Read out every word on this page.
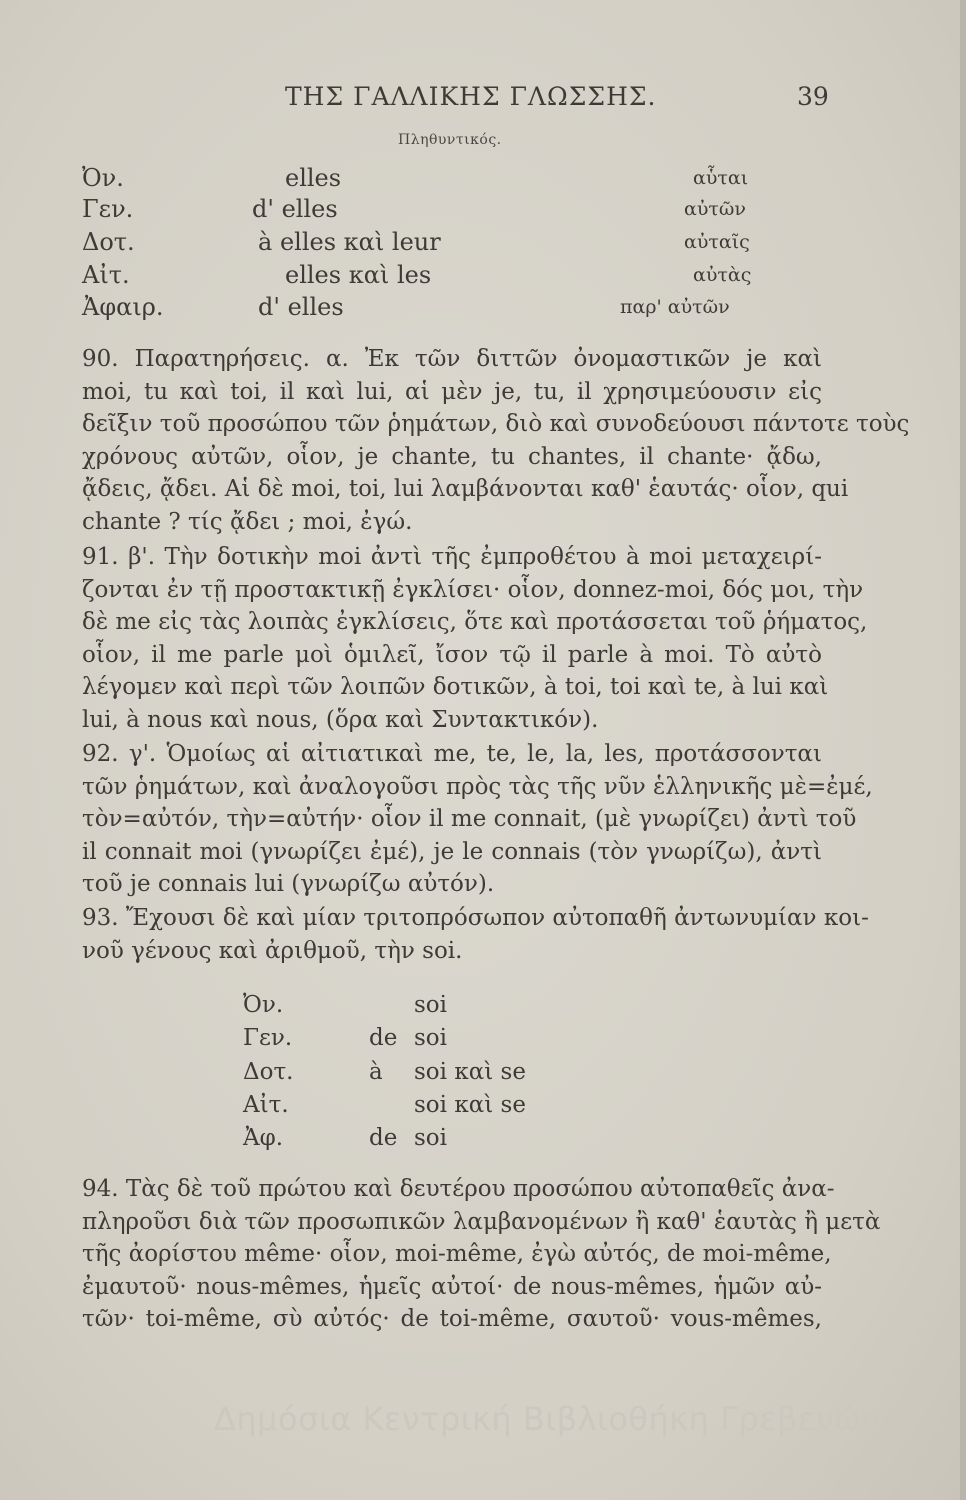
ΤΗΣ ΓΑΛΛΙΚΗΣ ΓΛΩΣΣΗΣ.	39
Πληθυντικός.
Ὀν.	elles	αὗται
Γεν.	d' elles	αὐτῶν
Δοτ.	à elles καὶ leur	αὐταῖς
Αἰτ.	elles καὶ les	αὐτὰς
Ἀφαιρ.	d' elles	παρ' αὐτῶν
90. Παρατηρήσεις. α. Ἐκ τῶν διττῶν ὀνομαστικῶν je καὶ
moi, tu καὶ toi, il καὶ lui, αἱ μὲν je, tu, il χρησιμεύουσιν εἰς
δεῖξιν τοῦ προσώπου τῶν ῥημάτων, διὸ καὶ συνοδεύουσι πάντοτε τοὺς
χρόνους αὐτῶν, οἷον, je chante, tu chantes, il chante· ᾄδω,
ᾄδεις, ᾄδει. Αἱ δὲ moi, toi, lui λαμβάνονται καθ' ἑαυτάς· οἷον, qui
chante ? τίς ᾄδει ; moi, ἐγώ.
91. β'. Τὴν δοτικὴν moi ἀντὶ τῆς ἐμπροθέτου à moi μεταχειρί-
ζονται ἐν τῇ προστακτικῇ ἐγκλίσει· οἷον, donnez-moi, δός μοι, τὴν
δὲ me εἰς τὰς λοιπὰς ἐγκλίσεις, ὅτε καὶ προτάσσεται τοῦ ῥήματος,
οἷον, il me parle μοὶ ὁμιλεῖ, ἴσον τῷ il parle à moi. Τὸ αὐτὸ
λέγομεν καὶ περὶ τῶν λοιπῶν δοτικῶν, à toi, toi καὶ te, à lui καὶ
lui, à nous καὶ nous, (ὅρα καὶ Συντακτικόν).
92. γ'. Ὁμοίως αἱ αἰτιατικαὶ me, te, le, la, les, προτάσσονται
τῶν ῥημάτων, καὶ ἀναλογοῦσι πρὸς τὰς τῆς νῦν ἑλληνικῆς μὲ=ἐμέ,
τὸν=αὐτόν, τὴν=αὐτήν· οἷον il me connait, (μὲ γνωρίζει) ἀντὶ τοῦ
il connait moi (γνωρίζει ἐμέ), je le connais (τὸν γνωρίζω), ἀντὶ
τοῦ je connais lui (γνωρίζω αὐτόν).
93. Ἔχουσι δὲ καὶ μίαν τριτοπρόσωπον αὐτοπαθῆ ἀντωνυμίαν κοι-
νοῦ γένους καὶ ἀριθμοῦ, τὴν soi.
Ὀν.	soi
Γεν.	de soi
Δοτ.	à soi καὶ se
Αἰτ.	soi καὶ se
Ἀφ.	de soi
94. Τὰς δὲ τοῦ πρώτου καὶ δευτέρου προσώπου αὐτοπαθεῖς ἀνα-
πληροῦσι διὰ τῶν προσωπικῶν λαμβανομένων ἢ καθ' ἑαυτὰς ἢ μετὰ
τῆς ἀορίστου même· οἷον, moi-même, ἐγὼ αὐτός, de moi-même,
ἐμαυτοῦ· nous-mêmes, ἡμεῖς αὐτοί· de nous-mêmes, ἡμῶν αὐ-
τῶν· toi-même, σὺ αὐτός· de toi-même, σαυτοῦ· vous-mêmes,
Δημόσια Κεντρική Βιβλιοθήκη Γρεβενών
